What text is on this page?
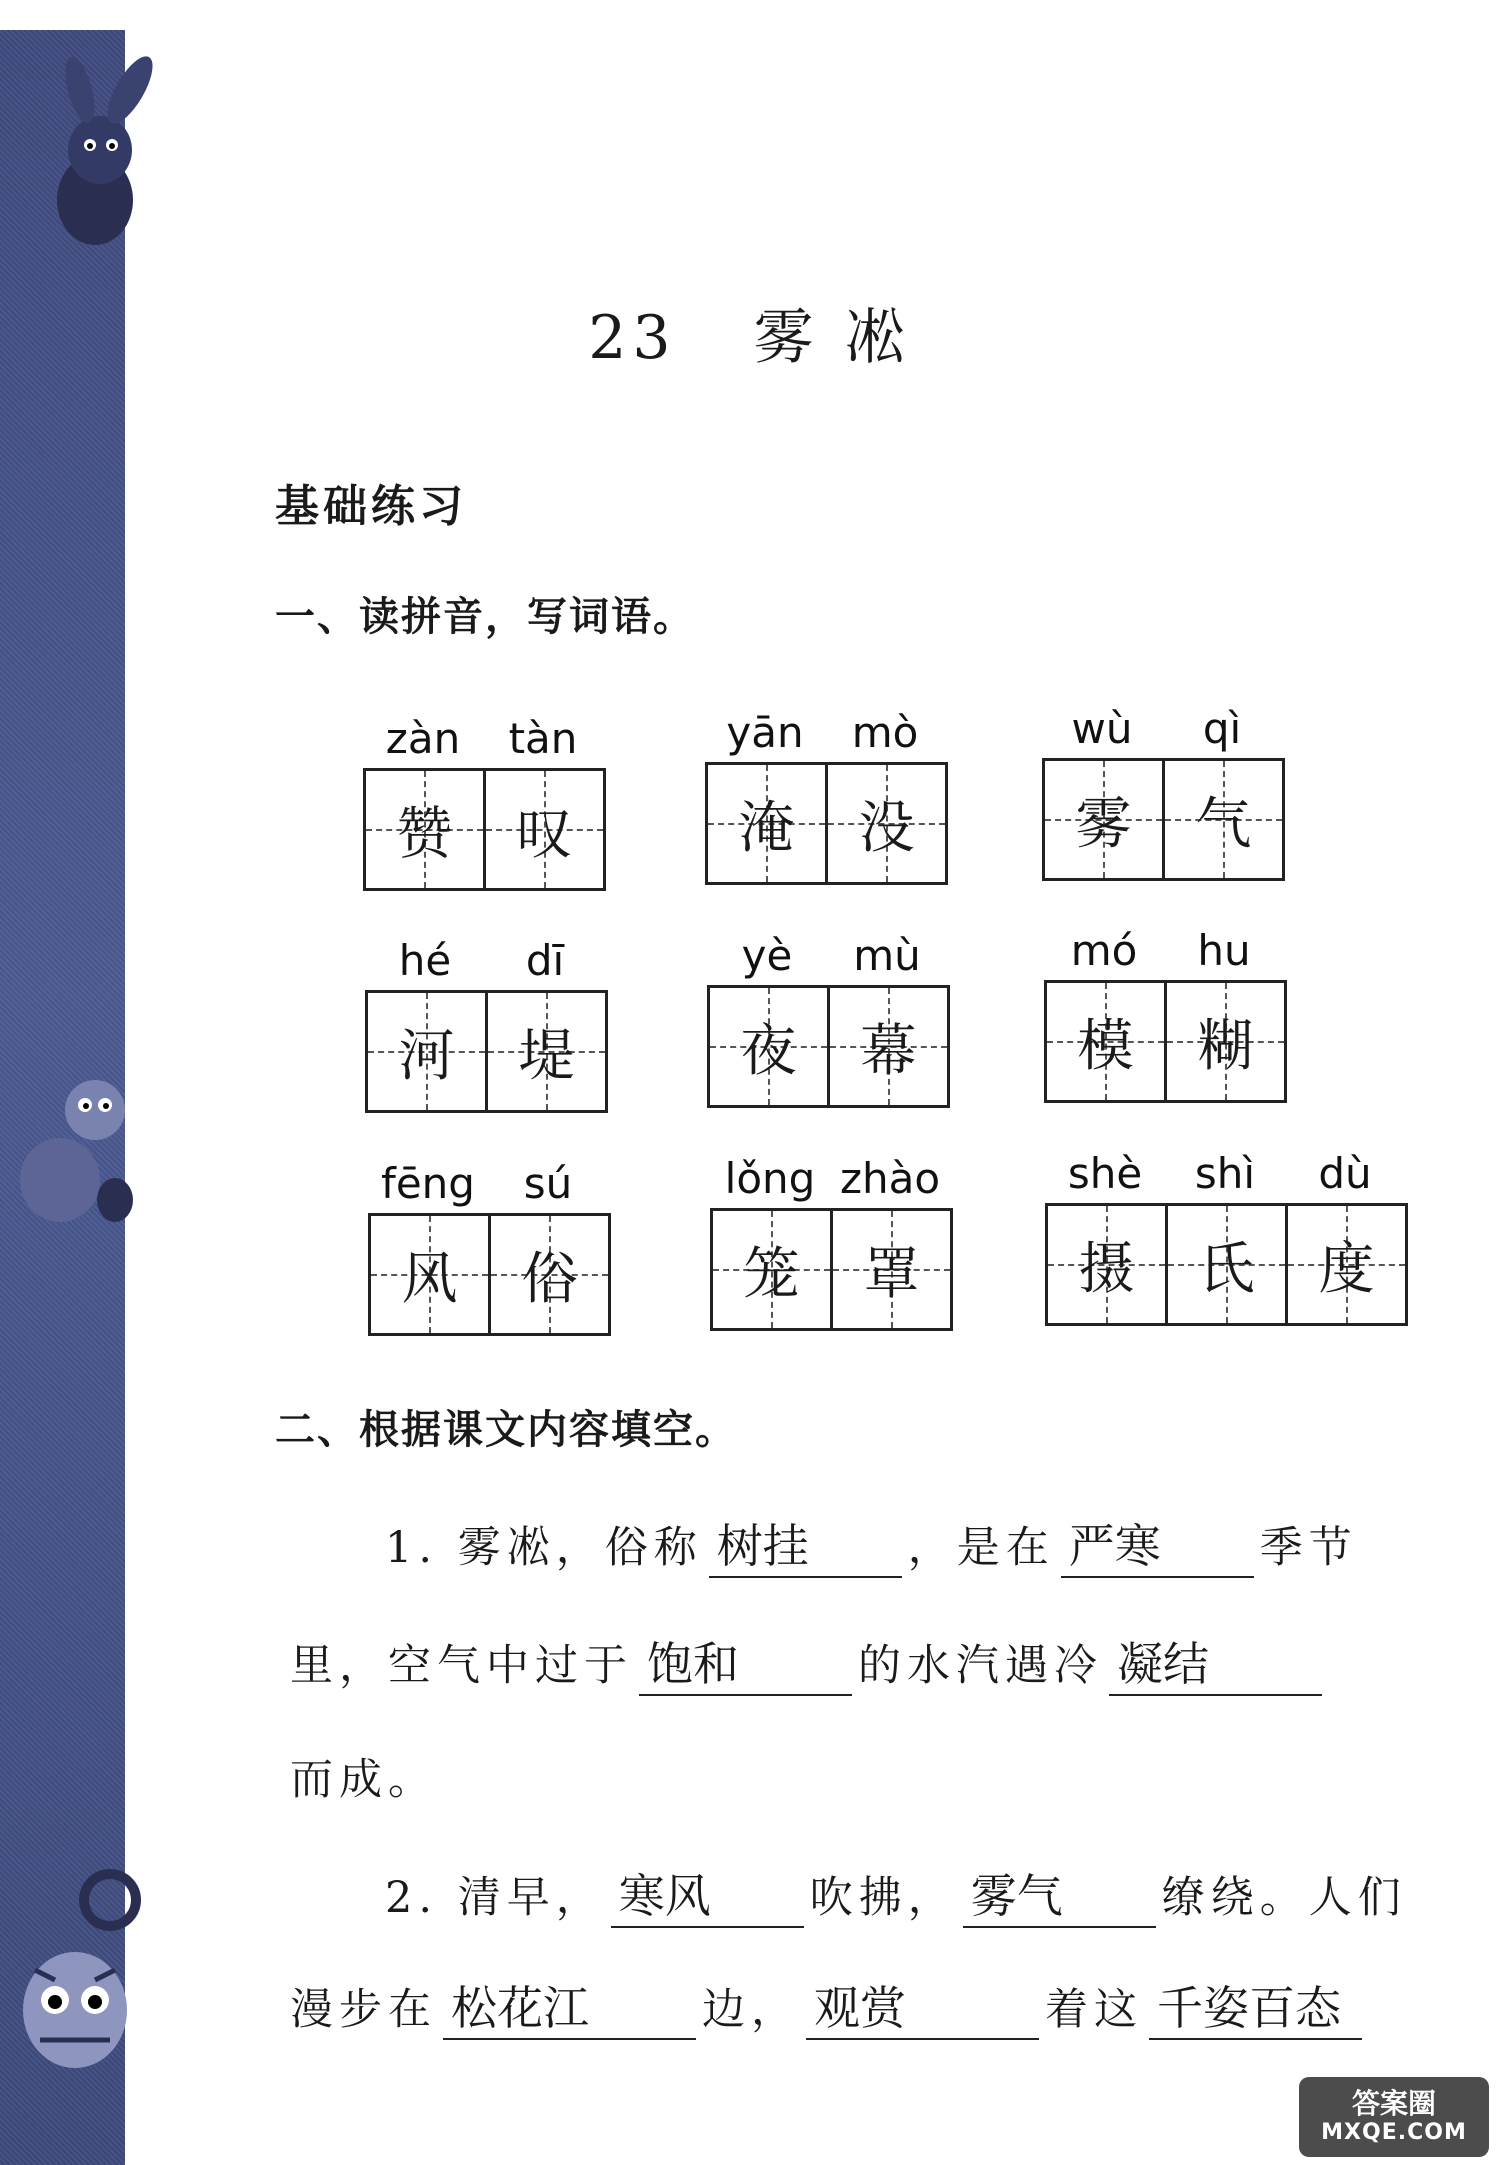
23 雾 凇
基础练习
一、读拼音，写词语。
zàn	tàn
赞 叹
yān	mò
淹 没
wù	qì
雾 气
hé	dī
河 堤
yè	mù
夜 幕
mó	hu
模 糊
fēng	sú
风 俗
lǒng zhào
笼 罩
shè	shì	dù
摄 氏 度
二、根据课文内容填空。
1. 雾凇，俗称 树挂 ，是在 严寒 季节
里，空气中过于 饱和	的水汽遇冷 凝结
而成。
2. 清早， 寒风 吹拂， 雾气 缭绕。人们
漫步在 松花江	边， 观赏	着这 千姿百态
答案圈
MXQE.COM
